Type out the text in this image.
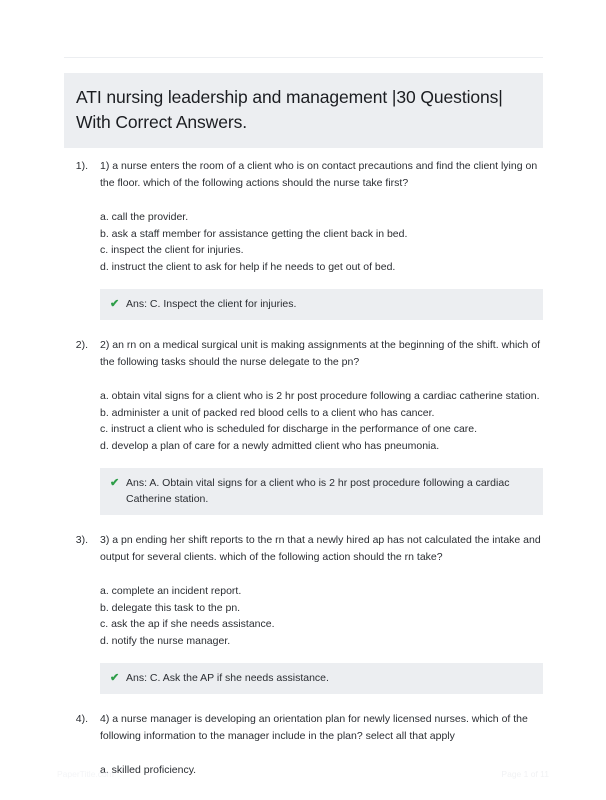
ATI nursing leadership and management |30 Questions| With Correct Answers.
1). 1) a nurse enters the room of a client who is on contact precautions and find the client lying on the floor. which of the following actions should the nurse take first?

a. call the provider.

b. ask a staff member for assistance getting the client back in bed.

c. inspect the client for injuries.

d. instruct the client to ask for help if he needs to get out of bed.

✔ Ans: C. Inspect the client for injuries.

2). 2) an rn on a medical surgical unit is making assignments at the beginning of the shift. which of the following tasks should the nurse delegate to the pn?

a. obtain vital signs for a client who is 2 hr post procedure following a cardiac catherine station.

b. administer a unit of packed red blood cells to a client who has cancer.

c. instruct a client who is scheduled for discharge in the performance of one care.

d. develop a plan of care for a newly admitted client who has pneumonia.

✔ Ans: A. Obtain vital signs for a client who is 2 hr post procedure following a cardiac Catherine station.

3). 3) a pn ending her shift reports to the rn that a newly hired ap has not calculated the intake and output for several clients. which of the following action should the rn take?

a. complete an incident report.

b. delegate this task to the pn.

c. ask the ap if she needs assistance.

d. notify the nurse manager.

✔ Ans: C. Ask the AP if she needs assistance.

4). 4) a nurse manager is developing an orientation plan for newly licensed nurses. which of the following information to the manager include in the plan? select all that apply

a. skilled proficiency.

PaperTitle.com	Page 1 of 11
